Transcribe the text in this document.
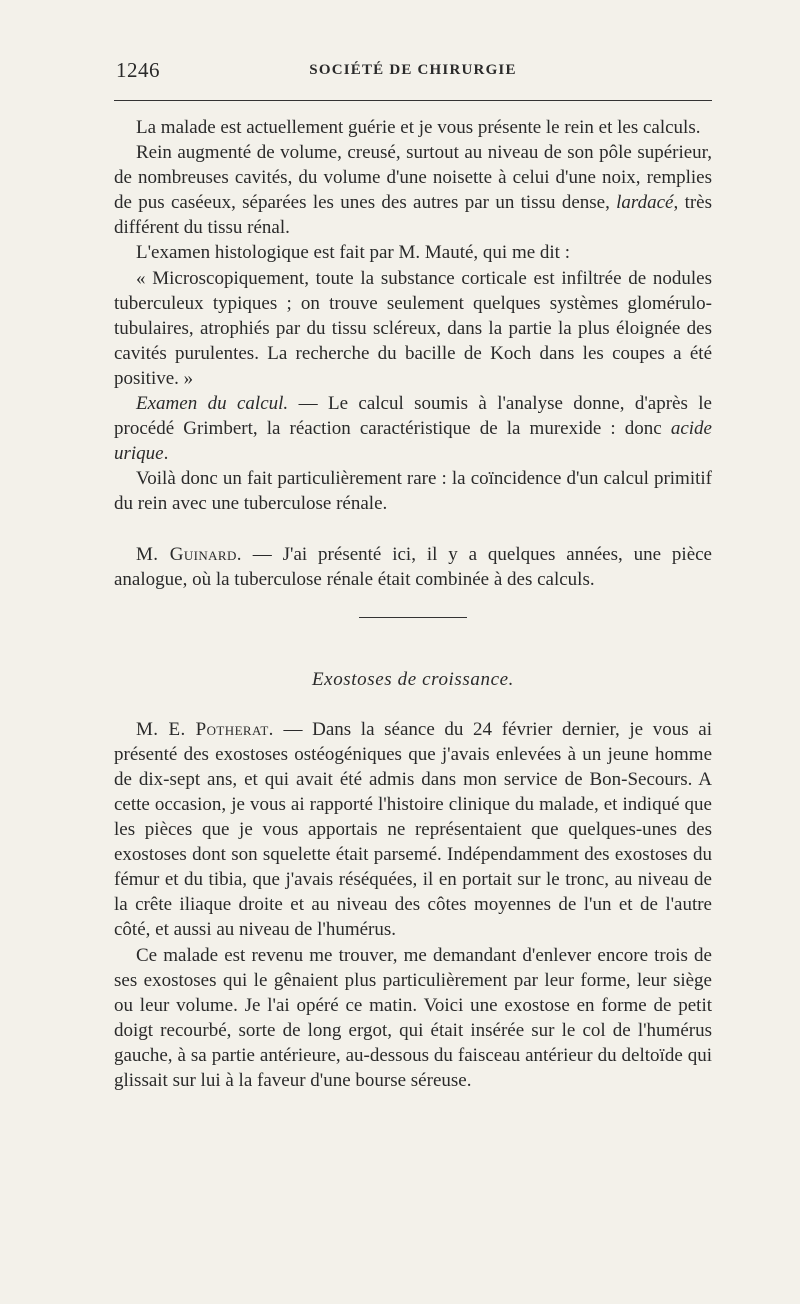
1246	SOCIÉTÉ DE CHIRURGIE

La malade est actuellement guérie et je vous présente le rein et les calculs.

Rein augmenté de volume, creusé, surtout au niveau de son pôle supérieur, de nombreuses cavités, du volume d'une noisette à celui d'une noix, remplies de pus caséeux, séparées les unes des autres par un tissu dense, lardacé, très différent du tissu rénal.

L'examen histologique est fait par M. Mauté, qui me dit :

« Microscopiquement, toute la substance corticale est infiltrée de nodules tuberculeux typiques ; on trouve seulement quelques systèmes glomérulo-tubulaires, atrophiés par du tissu scléreux, dans la partie la plus éloignée des cavités purulentes. La recherche du bacille de Koch dans les coupes a été positive. »

Examen du calcul. — Le calcul soumis à l'analyse donne, d'après le procédé Grimbert, la réaction caractéristique de la murexide : donc acide urique.

Voilà donc un fait particulièrement rare : la coïncidence d'un calcul primitif du rein avec une tuberculose rénale.

M. Guinard. — J'ai présenté ici, il y a quelques années, une pièce analogue, où la tuberculose rénale était combinée à des calculs.

Exostoses de croissance.

M. E. Potherat. — Dans la séance du 24 février dernier, je vous ai présenté des exostoses ostéogéniques que j'avais enlevées à un jeune homme de dix-sept ans, et qui avait été admis dans mon service de Bon-Secours. A cette occasion, je vous ai rapporté l'histoire clinique du malade, et indiqué que les pièces que je vous apportais ne représentaient que quelques-unes des exostoses dont son squelette était parsemé. Indépendamment des exostoses du fémur et du tibia, que j'avais réséquées, il en portait sur le tronc, au niveau de la crête iliaque droite et au niveau des côtes moyennes de l'un et de l'autre côté, et aussi au niveau de l'humérus.

Ce malade est revenu me trouver, me demandant d'enlever encore trois de ses exostoses qui le gênaient plus particulièrement par leur forme, leur siège ou leur volume. Je l'ai opéré ce matin. Voici une exostose en forme de petit doigt recourbé, sorte de long ergot, qui était insérée sur le col de l'humérus gauche, à sa partie antérieure, au-dessous du faisceau antérieur du deltoïde qui glissait sur lui à la faveur d'une bourse séreuse.
